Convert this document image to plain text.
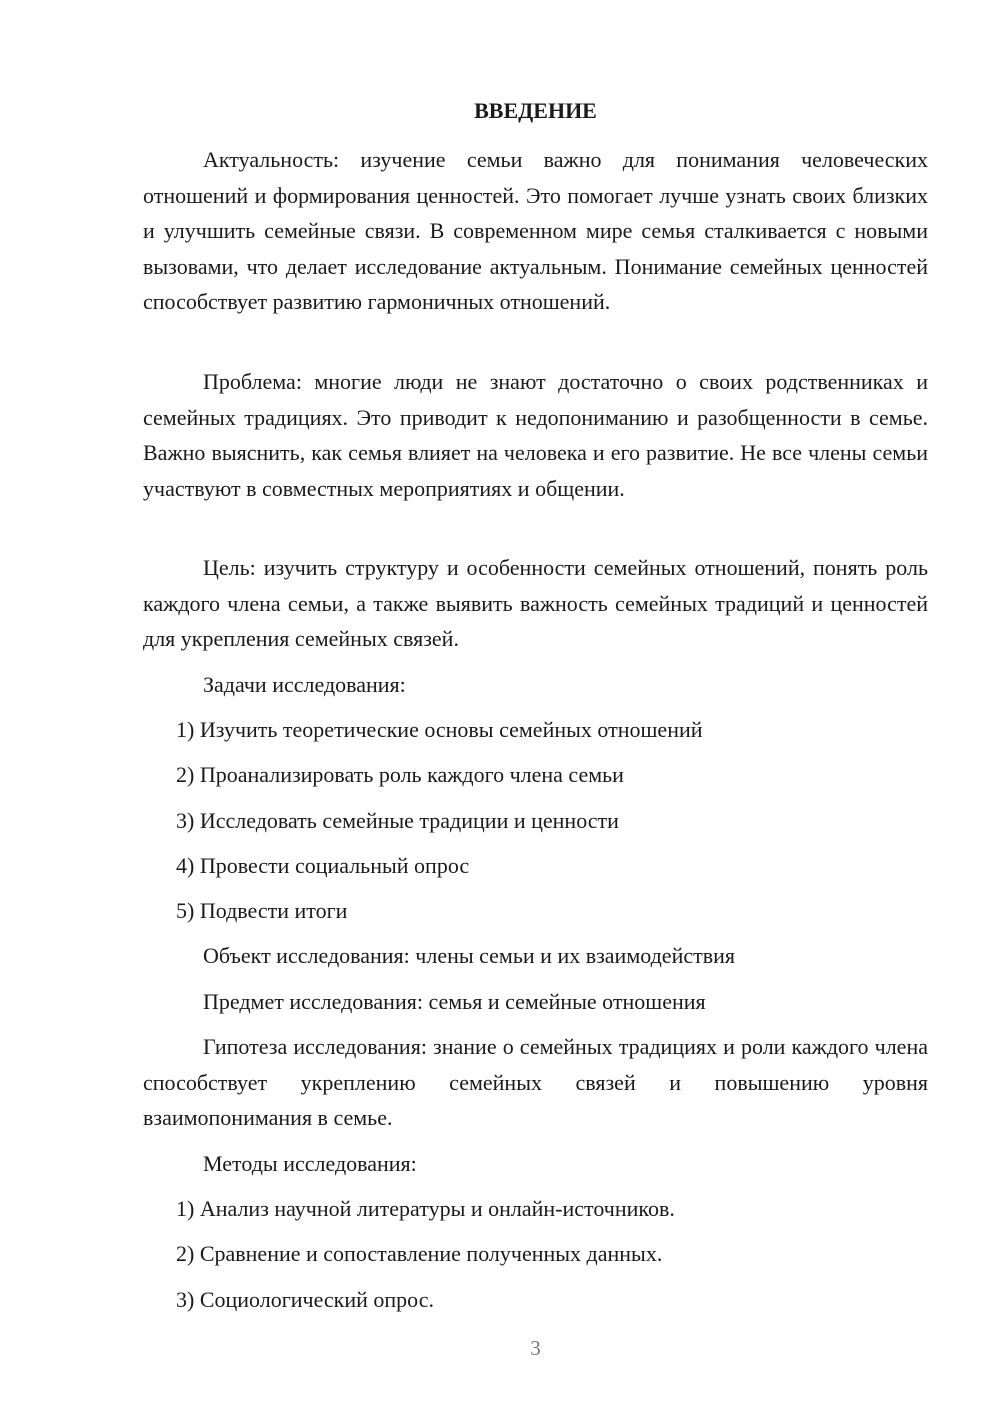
ВВЕДЕНИЕ

Актуальность: изучение семьи важно для понимания человеческих отношений и формирования ценностей. Это помогает лучше узнать своих близких и улучшить семейные связи. В современном мире семья сталкивается с новыми вызовами, что делает исследование актуальным. Понимание семейных ценностей способствует развитию гармоничных отношений.

Проблема: многие люди не знают достаточно о своих родственниках и семейных традициях. Это приводит к недопониманию и разобщенности в семье. Важно выяснить, как семья влияет на человека и его развитие. Не все члены семьи участвуют в совместных мероприятиях и общении.

Цель: изучить структуру и особенности семейных отношений, понять роль каждого члена семьи, а также выявить важность семейных традиций и ценностей для укрепления семейных связей.

Задачи исследования:

1) Изучить теоретические основы семейных отношений

2) Проанализировать роль каждого члена семьи

3) Исследовать семейные традиции и ценности

4) Провести социальный опрос

5) Подвести итоги

Объект исследования: члены семьи и их взаимодействия

Предмет исследования: семья и семейные отношения

Гипотеза исследования: знание о семейных традициях и роли каждого члена способствует укреплению семейных связей и повышению уровня взаимопонимания в семье.

Методы исследования:

1) Анализ научной литературы и онлайн-источников.

2) Сравнение и сопоставление полученных данных.

3) Социологический опрос.

3
